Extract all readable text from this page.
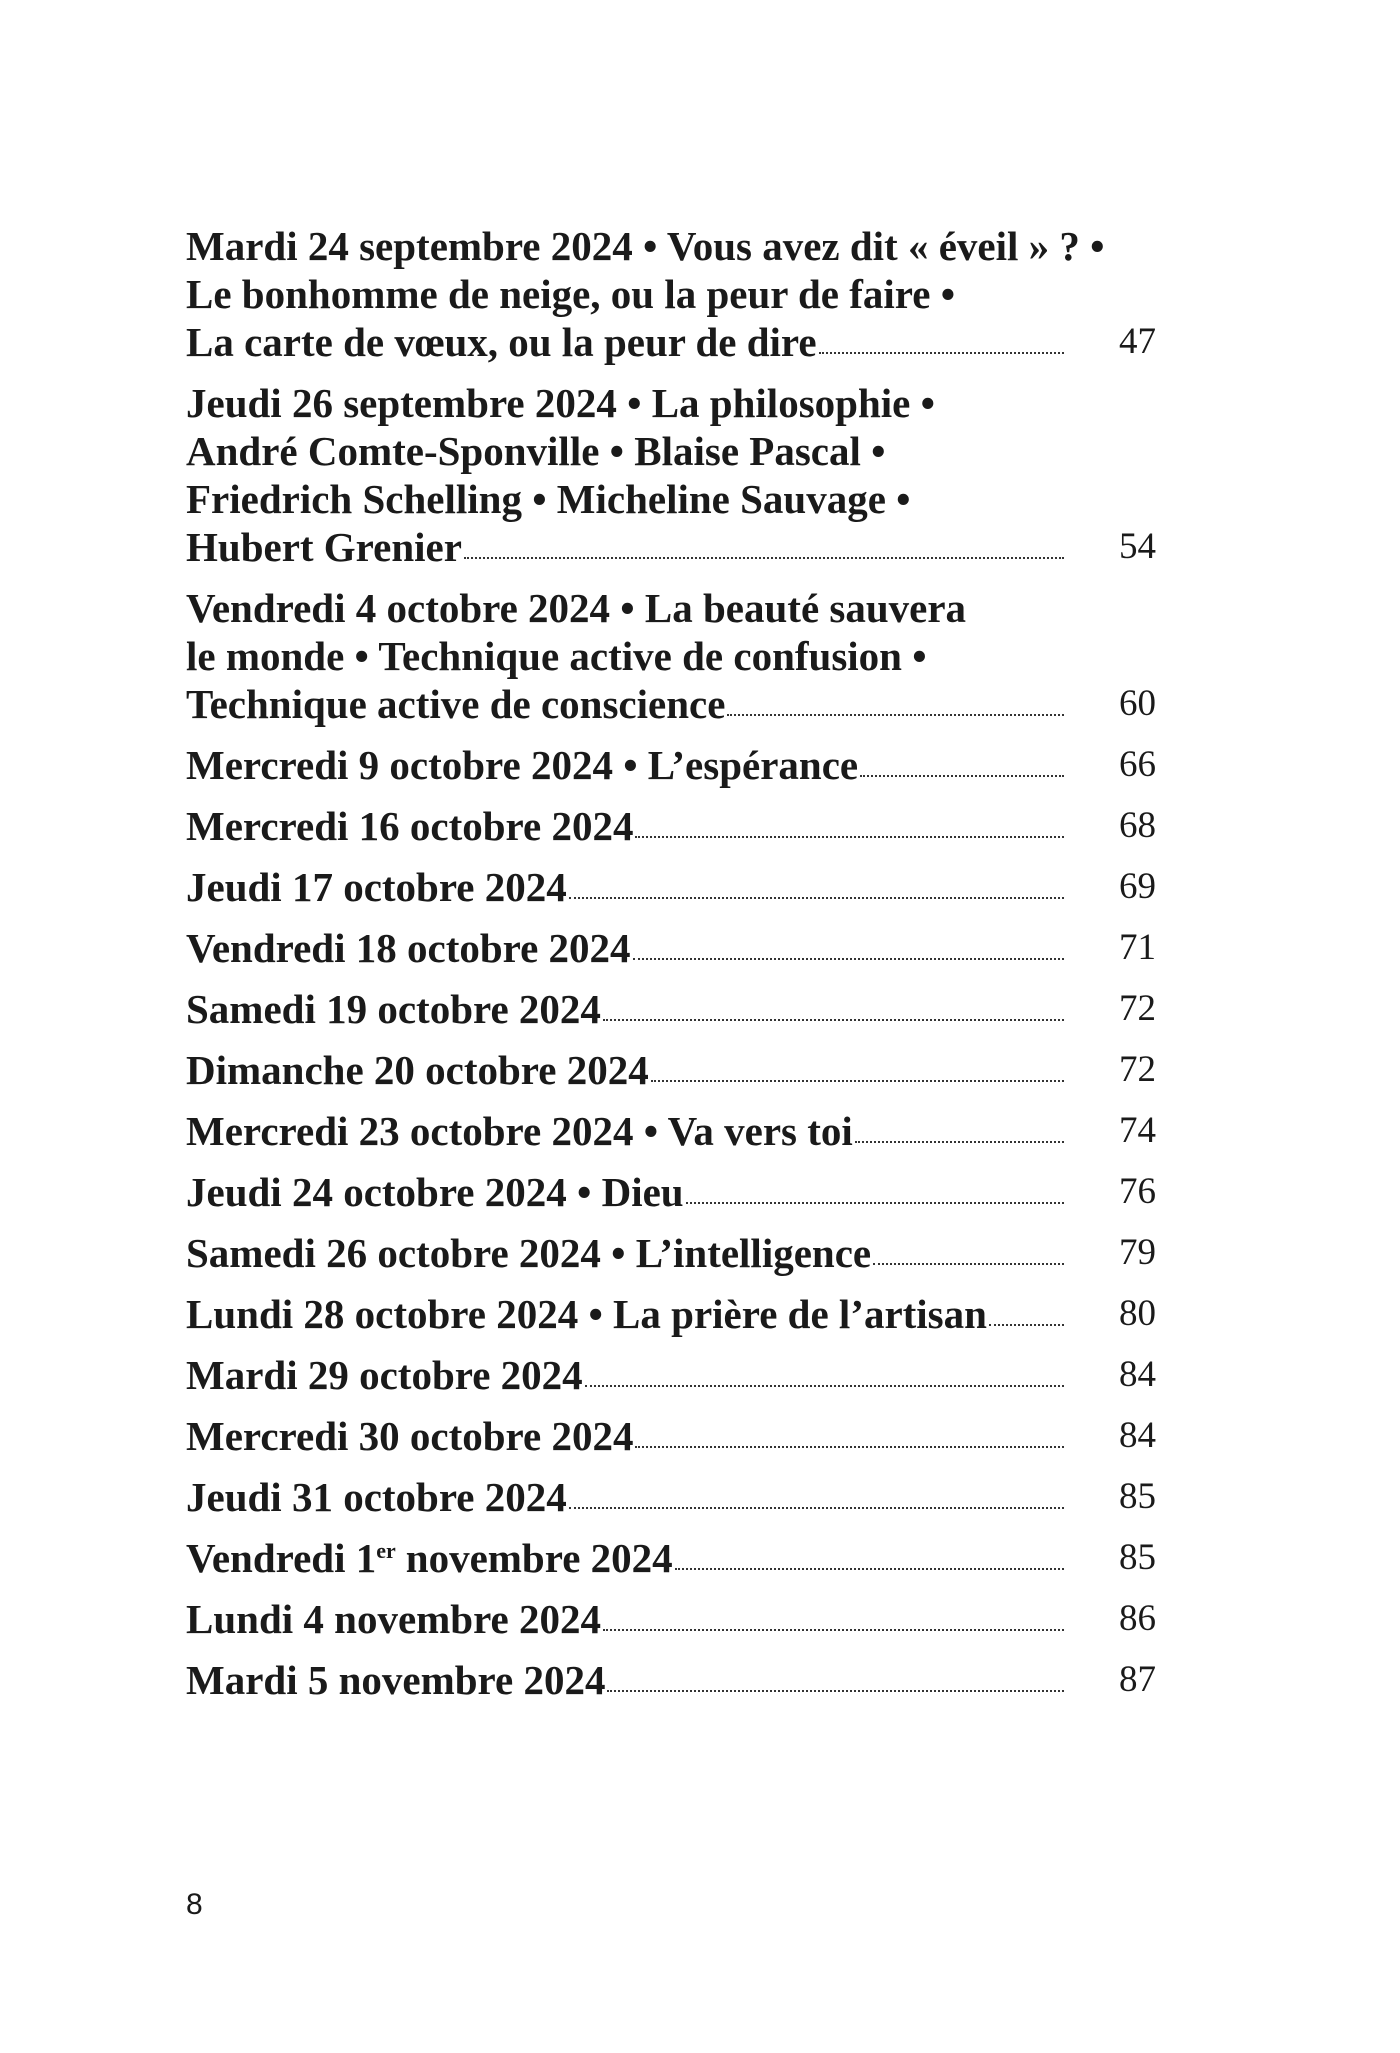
Mardi 24 septembre 2024 • Vous avez dit « éveil » ? •
Le bonhomme de neige, ou la peur de faire •
La carte de vœux, ou la peur de dire	47
Jeudi 26 septembre 2024 • La philosophie •
André Comte-Sponville • Blaise Pascal •
Friedrich Schelling • Micheline Sauvage •
Hubert Grenier	54
Vendredi 4 octobre 2024 • La beauté sauvera
le monde • Technique active de confusion •
Technique active de conscience	60
Mercredi 9 octobre 2024 • L’espérance	66
Mercredi 16 octobre 2024	68
Jeudi 17 octobre 2024	69
Vendredi 18 octobre 2024	71
Samedi 19 octobre 2024	72
Dimanche 20 octobre 2024	72
Mercredi 23 octobre 2024 • Va vers toi	74
Jeudi 24 octobre 2024 • Dieu	76
Samedi 26 octobre 2024 • L’intelligence	79
Lundi 28 octobre 2024 • La prière de l’artisan	80
Mardi 29 octobre 2024	84
Mercredi 30 octobre 2024	84
Jeudi 31 octobre 2024	85
Vendredi 1er novembre 2024	85
Lundi 4 novembre 2024	86
Mardi 5 novembre 2024	87
8
